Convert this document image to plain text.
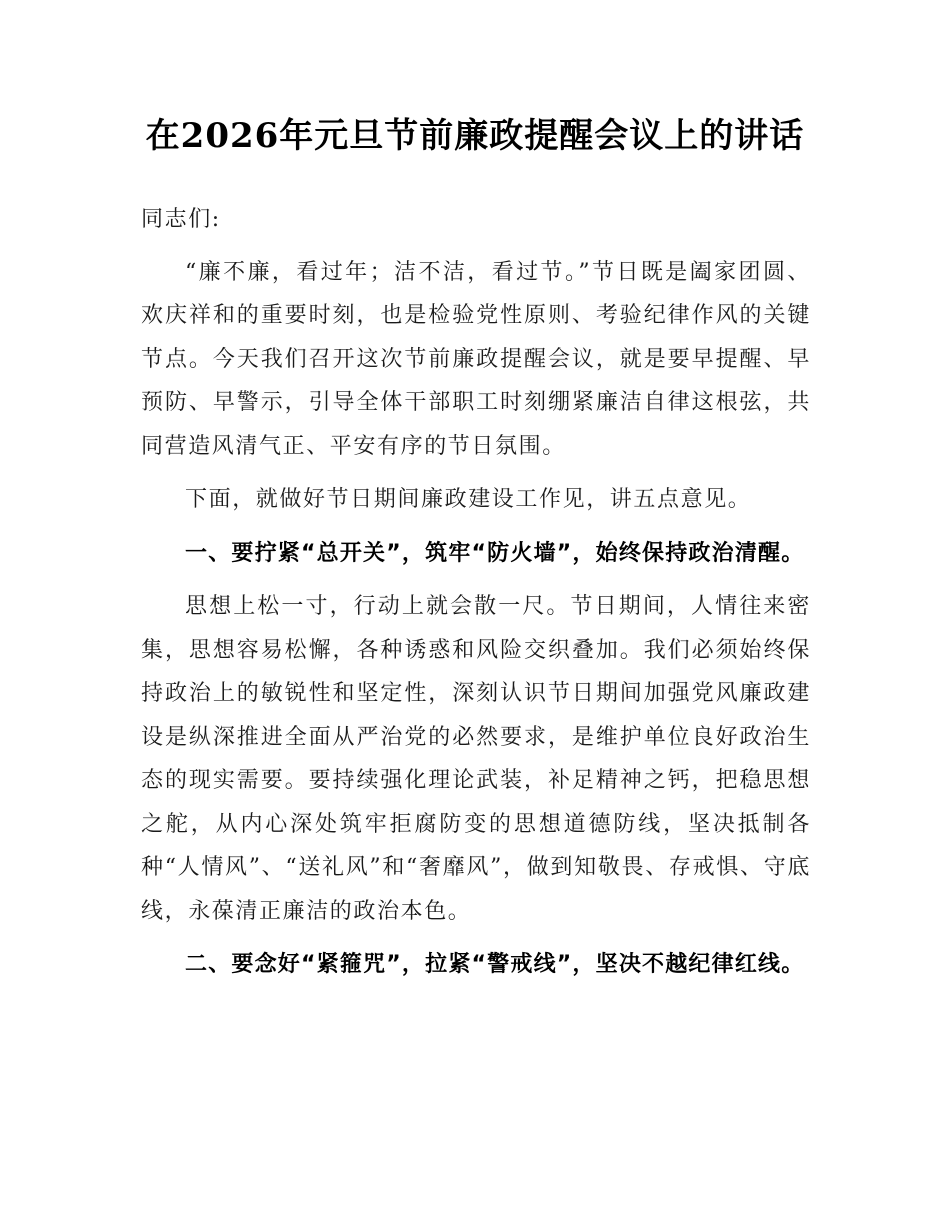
在2026年元旦节前廉政提醒会议上的讲话

同志们:

“廉不廉，看过年；洁不洁，看过节。”节日既是阖家团圆、欢庆祥和的重要时刻，也是检验党性原则、考验纪律作风的关键节点。今天我们召开这次节前廉政提醒会议，就是要早提醒、早预防、早警示，引导全体干部职工时刻绷紧廉洁自律这根弦，共同营造风清气正、平安有序的节日氛围。

下面，就做好节日期间廉政建设工作见，讲五点意见。

一、要拧紧“总开关”，筑牢“防火墙”，始终保持政治清醒。

思想上松一寸，行动上就会散一尺。节日期间，人情往来密集，思想容易松懈，各种诱惑和风险交织叠加。我们必须始终保持政治上的敏锐性和坚定性，深刻认识节日期间加强党风廉政建设是纵深推进全面从严治党的必然要求，是维护单位良好政治生态的现实需要。要持续强化理论武装，补足精神之钙，把稳思想之舵，从内心深处筑牢拒腐防变的思想道德防线，坚决抵制各种“人情风”、“送礼风”和“奢靡风”，做到知敬畏、存戒惧、守底线，永葆清正廉洁的政治本色。

二、要念好“紧箍咒”，拉紧“警戒线”，坚决不越纪律红线。
